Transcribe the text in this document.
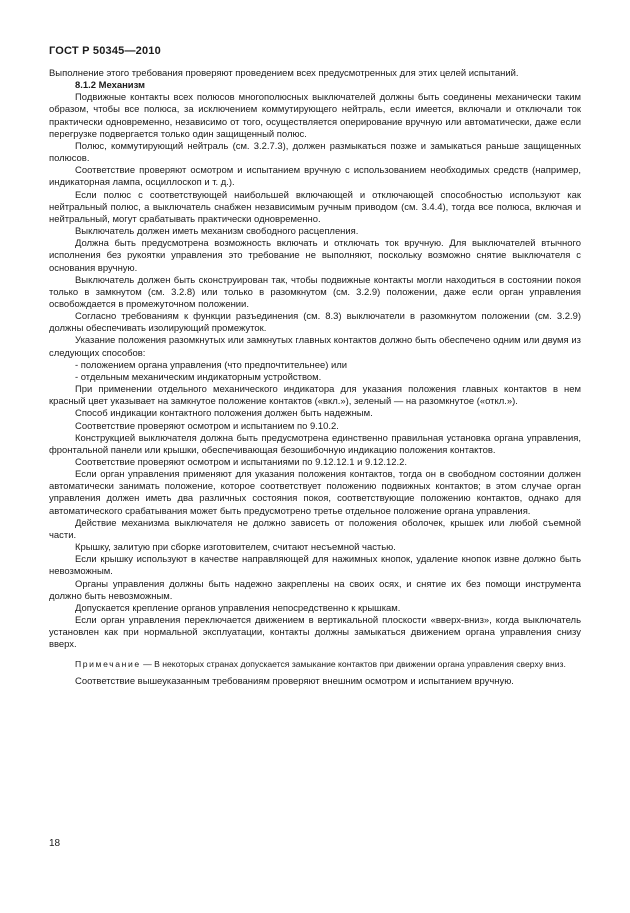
ГОСТ Р 50345—2010

Выполнение этого требования проверяют проведением всех предусмотренных для этих целей испытаний.

8.1.2 Механизм

Подвижные контакты всех полюсов многополюсных выключателей должны быть соединены механически таким образом, чтобы все полюса, за исключением коммутирующего нейтраль, если имеется, включали и отключали ток практически одновременно, независимо от того, осуществляется оперирование вручную или автоматически, даже если перегрузке подвергается только один защищенный полюс.

Полюс, коммутирующий нейтраль (см. 3.2.7.3), должен размыкаться позже и замыкаться раньше защищенных полюсов.

Соответствие проверяют осмотром и испытанием вручную с использованием необходимых средств (например, индикаторная лампа, осциллоскоп и т. д.).

Если полюс с соответствующей наибольшей включающей и отключающей способностью используют как нейтральный полюс, а выключатель снабжен независимым ручным приводом (см. 3.4.4), тогда все полюса, включая и нейтральный, могут срабатывать практически одновременно.

Выключатель должен иметь механизм свободного расцепления.

Должна быть предусмотрена возможность включать и отключать ток вручную. Для выключателей втычного исполнения без рукоятки управления это требование не выполняют, поскольку возможно снятие выключателя с основания вручную.

Выключатель должен быть сконструирован так, чтобы подвижные контакты могли находиться в состоянии покоя только в замкнутом (см. 3.2.8) или только в разомкнутом (см. 3.2.9) положении, даже если орган управления освобождается в промежуточном положении.

Согласно требованиям к функции разъединения (см. 8.3) выключатели в разомкнутом положении (см. 3.2.9) должны обеспечивать изолирующий промежуток.

Указание положения разомкнутых или замкнутых главных контактов должно быть обеспечено одним или двумя из следующих способов:

- положением органа управления (что предпочтительнее) или

- отдельным механическим индикаторным устройством.

При применении отдельного механического индикатора для указания положения главных контактов в нем красный цвет указывает на замкнутое положение контактов («вкл.»), зеленый — на разомкнутое («откл.»).

Способ индикации контактного положения должен быть надежным.

Соответствие проверяют осмотром и испытанием по 9.10.2.

Конструкцией выключателя должна быть предусмотрена единственно правильная установка органа управления, фронтальной панели или крышки, обеспечивающая безошибочную индикацию положения контактов.

Соответствие проверяют осмотром и испытаниями по 9.12.12.1 и 9.12.12.2.

Если орган управления применяют для указания положения контактов, тогда он в свободном состоянии должен автоматически занимать положение, которое соответствует положению подвижных контактов; в этом случае орган управления должен иметь два различных состояния покоя, соответствующие положению контактов, однако для автоматического срабатывания может быть предусмотрено третье отдельное положение органа управления.

Действие механизма выключателя не должно зависеть от положения оболочек, крышек или любой съемной части.

Крышку, залитую при сборке изготовителем, считают несъемной частью.

Если крышку используют в качестве направляющей для нажимных кнопок, удаление кнопок извне должно быть невозможным.

Органы управления должны быть надежно закреплены на своих осях, и снятие их без помощи инструмента должно быть невозможным.

Допускается крепление органов управления непосредственно к крышкам.

Если орган управления переключается движением в вертикальной плоскости «вверх-вниз», когда выключатель установлен как при нормальной эксплуатации, контакты должны замыкаться движением органа управления снизу вверх.

Примечание — В некоторых странах допускается замыкание контактов при движении органа управления сверху вниз.

Соответствие вышеуказанным требованиям проверяют внешним осмотром и испытанием вручную.

18
